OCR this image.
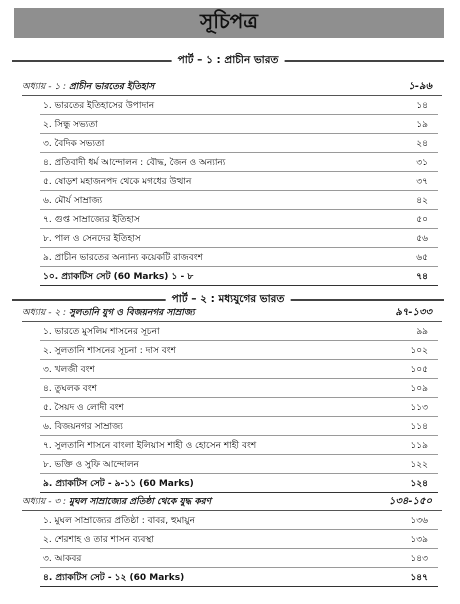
সূচিপত্র
পার্ট – ১ : প্রাচীন ভারত
অধ্যায় - ১ : প্রাচীন ভারতের ইতিহাস	১-৯৬
১. ভারতের ইতিহাসের উপাদান	১৪
২. সিন্ধু সভ্যতা	১৯
৩. বৈদিক সভ্যতা	২৪
৪. প্রতিবাদী ধর্ম আন্দোলন : বৌদ্ধ, জৈন ও অন্যান্য	৩১
৫. ষোড়শ মহাজনপদ থেকে মগধের উত্থান	৩৭
৬. মৌর্য সাম্রাজ্য	৪২
৭. গুপ্ত সাম্রাজ্যের ইতিহাস	৫০
৮. পাল ও সেনদের ইতিহাস	৫৬
৯. প্রাচীন ভারতের অন্যান্য কয়েকটি রাজবংশ	৬৫
১০. প্র্যাকটিস সেট (60 Marks) ১ - ৮	৭৪
পার্ট – ২ : মধ্যযুগের ভারত
অধ্যায় - ২ : সুলতানি যুগ ও বিজয়নগর সাম্রাজ্য	৯৭-১৩৩
১. ভারতে মুসলিম শাসনের সূচনা	৯৯
২. সুলতানি শাসনের সূচনা : দাস বংশ	১০২
৩. খলজী বংশ	১০৫
৪. তুঘলক বংশ	১০৯
৫. সৈয়দ ও লোদী বংশ	১১৩
৬. বিজয়নগর সাম্রাজ্য	১১৪
৭. সুলতানি শাসনে বাংলা ইলিয়াস শাহী ও হোসেন শাহী বংশ	১১৯
৮. ভক্তি ও সুফি আন্দোলন	১২২
৯. প্র্যাকটিস সেট - ৯-১১ (60 Marks)	১২৪
অধ্যায় - ৩ : মুঘল সাম্রাজ্যের প্রতিষ্ঠা থেকে যুদ্ধ করণ	১৩৪-১৫০
১. মুঘল সাম্রাজ্যের প্রতিষ্ঠা : বাবর, হুমায়ুন	১৩৬
২. শেরশাহ ও তার শাসন ব্যবস্থা	১৩৯
৩. আকবর	১৪৩
৪. প্র্যাকটিস সেট - ১২ (60 Marks)	১৪৭
